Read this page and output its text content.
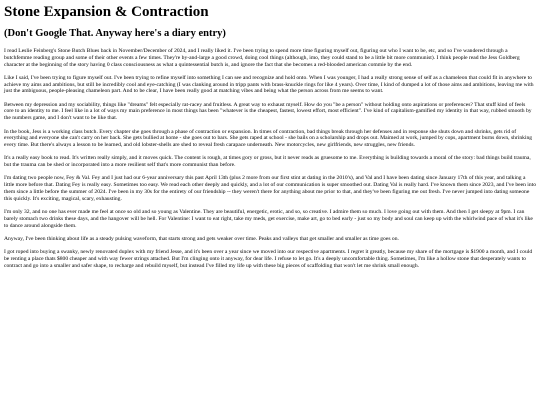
Stone Expansion & Contraction
(Don't Google That. Anyway here's a diary entry)

I read Leslie Feinberg's Stone Butch Blues back in November/December of 2024, and I really liked it. I've been trying to spend more time figuring myself out, figuring out who I want to be, etc, and so I've wandered through a butchfemme reading group and some of their other events a few times. They're by-and-large a good crowd, doing cool things (although, imo, they could stand to be a little bit more communist). I think people read the Jess Goldberg character at the beginning of the story having 0 class consciousness as what a quintessential butch is, and ignore the fact that she becomes a red-blooded american commie by the end.

Like I said, I've been trying to figure myself out. I've been trying to refine myself into something I can see and recognize and hold onto. When I was younger, I had a really strong sense of self as a chameleon that could fit in anywhere to achieve my aims and ambitions, but still be incredibly cool and eye-catching (I was clanking around in tripp pants with brass-knuckle rings for like 4 years). Over time, I kind of dumped a lot of those aims and ambitions, leaving me with just the ambiguous, people-pleasing chameleon part. And to be clear, I have been really good at matching vibes and being what the person across from me seems to want.

Between my depression and my sociability, things like "dreams" felt especially rat-racey and fruitless. A great way to exhaust myself. How do you "be a person" without holding onto aspirations or preferences? That stuff kind of feels core to an identity to me. I feel like in a lot of ways my main preference in most things has been "whatever is the cheapest, fastest, lowest effort, most efficient". I've kind of capitalism-gamified my identity in that way, rubbed smooth by the numbers game, and I don't want to be like that.

In the book, Jess is a working class butch. Every chapter she goes through a phase of contraction or expansion. In times of contraction, bad things break through her defenses and in response she shuts down and shrinks, gets rid of everything and everyone she can't carry on her back. She gets bullied at home - she goes out to bars. She gets raped at school - she bails on a scholarship and drops out. Maimed at work, jumped by cops, apartment burns down, shrinking every time. But there's always a lesson to be learned, and old lobster-shells are shed to reveal fresh carapace underneath. New motorcycles, new girlfriends, new struggles, new friends.

It's a really easy book to read. It's written really simply, and it moves quick. The content is rough, at times gory or gross, but it never reads as gruesome to me. Everything is building towards a moral of the story: bad things build trauma, but the trauma can be shed or incorporated into a more resilient self that's more communist than before.

I'm dating two people now, Fey & Val. Fey and I just had our 6-year anniversary this past April 13th (plus 2 more from our first stint at dating in the 2010's), and Val and I have been dating since January 17th of this year, and talking a little more before that. Dating Fey is really easy. Sometimes too easy. We read each other deeply and quickly, and a lot of our communication is super smoothed out. Dating Val is really hard. I've known them since 2023, and I've been into them since a little before the summer of 2024. I've been in my 30s for the entirety of our friendship -- they weren't there for anything about me prior to that, and they've been figuring me out fresh. I've never jumped into dating someone this quickly. It's exciting, magical, scary, exhausting.

I'm only 32, and no one has ever made me feel at once so old and so young as Valentine. They are beautiful, energetic, erotic, and so, so creative. I admire them so much. I love going out with them. And then I get sleepy at 9pm. I can barely stomach two drinks these days, and the hangover will be hell. For Valentine: I want to eat right, take my meds, get exercise, make art, go to bed early - just so my body and soul can keep up with the whirlwind pace of what it's like to dance around alongside them.

Anyway, I've been thinking about life as a steady pulsing waveform, that starts strong and gets weaker over time. Peaks and valleys that get smaller and smaller as time goes on.

I got roped into buying a swanky, newly renovated duplex with my friend Jesse, and it's been over a year since we moved into our respective apartments. I regret it greatly, because my share of the mortgage is $1900 a month, and I could be renting a place thats $800 cheaper and with way fewer strings attached. But I'm clinging onto it anyway, for dear life. I refuse to let go. It's a deeply uncomfortable thing. Sometimes, I'm like a hollow stone that desperately wants to contract and go into a smaller and safer shape, to recharge and rebuild myself, but instead I've filled my life up with these big pieces of scaffolding that won't let me shrink small enough.
